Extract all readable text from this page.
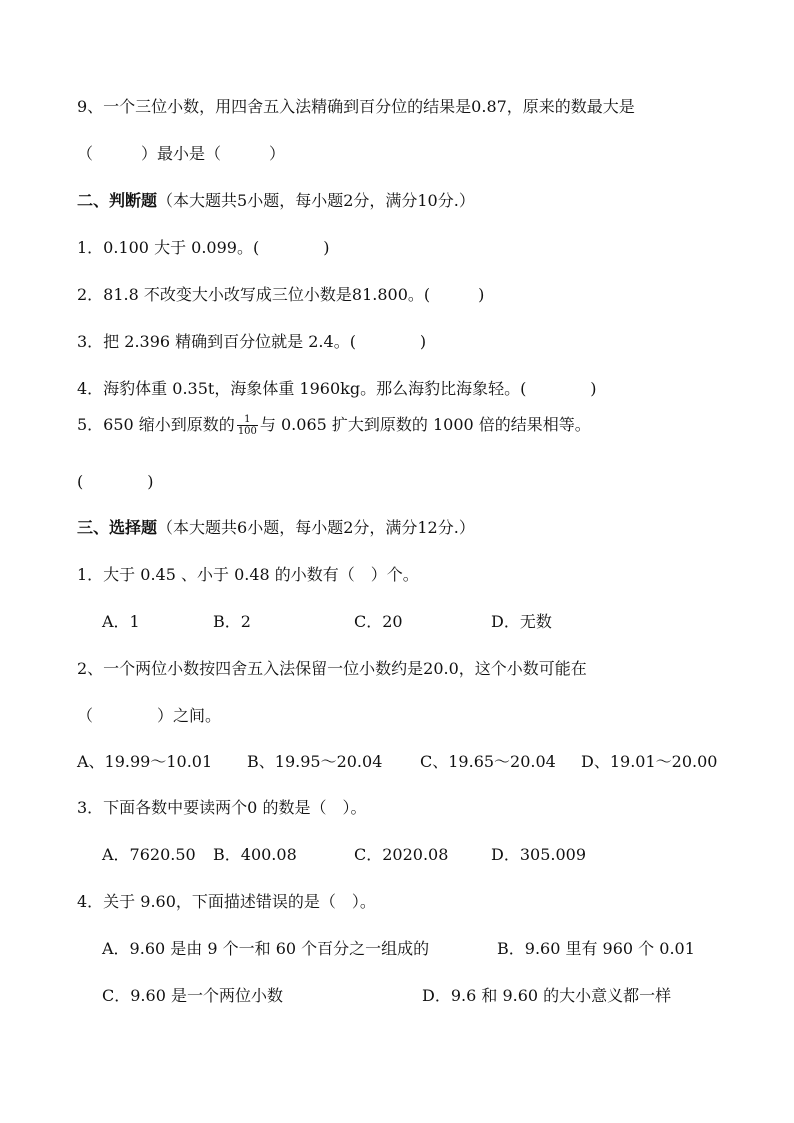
9、一个三位小数，用四舍五入法精确到百分位的结果是0.87，原来的数最大是
（　　　）最小是（　　　）
二、判断题（本大题共5小题，每小题2分，满分10分.）
1．0.100 大于 0.099。(　　　　)
2．81.8 不改变大小改写成三位小数是81.800。(　　　)
3．把 2.396 精确到百分位就是 2.4。(　　　　)
4．海豹体重 0.35t，海象体重 1960kg。那么海豹比海象轻。(　　　　)
5．650 缩小到原数的 $\frac{1}{100}$ 与 0.065 扩大到原数的 1000 倍的结果相等。
(　　　　)
三、选择题（本大题共6小题，每小题2分，满分12分.）
1．大于 0.45 、小于 0.48 的小数有（　）个。
A．1	B．2	C．20	D．无数
2、一个两位小数按四舍五入法保留一位小数约是20.0，这个小数可能在
（　　　　）之间。
A、19.99～10.01 B、19.95～20.04 C、19.65～20.04 D、19.01～20.00
3．下面各数中要读两个0 的数是（　）。
A．7620.50 B．400.08	C．2020.08	D．305.009
4．关于 9.60，下面描述错误的是（　）。
A．9.60 是由 9 个一和 60 个百分之一组成的	B．9.60 里有 960 个 0.01
C．9.60 是一个两位小数	D．9.6 和 9.60 的大小意义都一样
